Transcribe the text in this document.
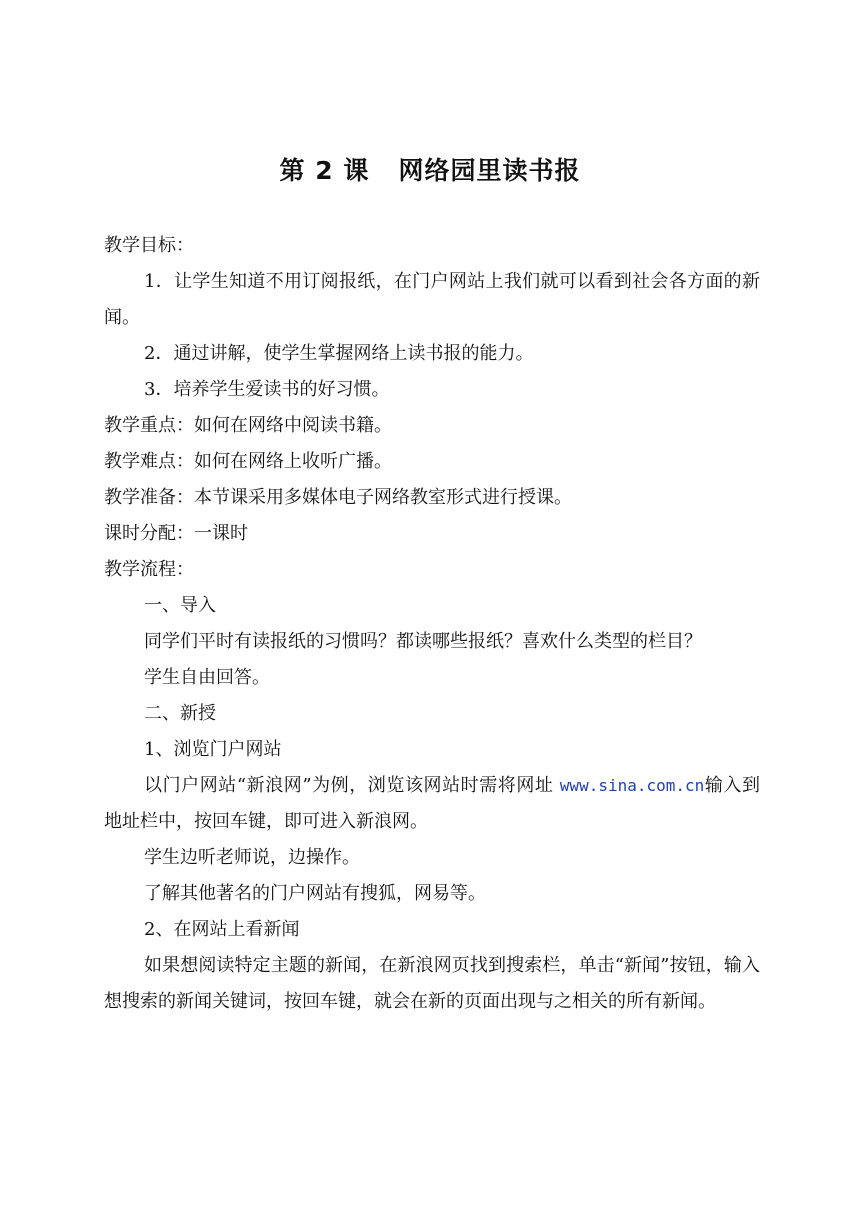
第 2 课   网络园里读书报

教学目标：

1．让学生知道不用订阅报纸，在门户网站上我们就可以看到社会各方面的新闻。

2．通过讲解，使学生掌握网络上读书报的能力。

3．培养学生爱读书的好习惯。

教学重点：如何在网络中阅读书籍。

教学难点：如何在网络上收听广播。

教学准备：本节课采用多媒体电子网络教室形式进行授课。

课时分配：一课时

教学流程：

一、导入

同学们平时有读报纸的习惯吗？都读哪些报纸？喜欢什么类型的栏目？

学生自由回答。

二、新授

1、浏览门户网站

以门户网站“新浪网”为例，浏览该网站时需将网址 www.sina.com.cn输入到地址栏中，按回车键，即可进入新浪网。

学生边听老师说，边操作。

了解其他著名的门户网站有搜狐，网易等。

2、在网站上看新闻

如果想阅读特定主题的新闻，在新浪网页找到搜索栏，单击“新闻”按钮，输入想搜索的新闻关键词，按回车键，就会在新的页面出现与之相关的所有新闻。
